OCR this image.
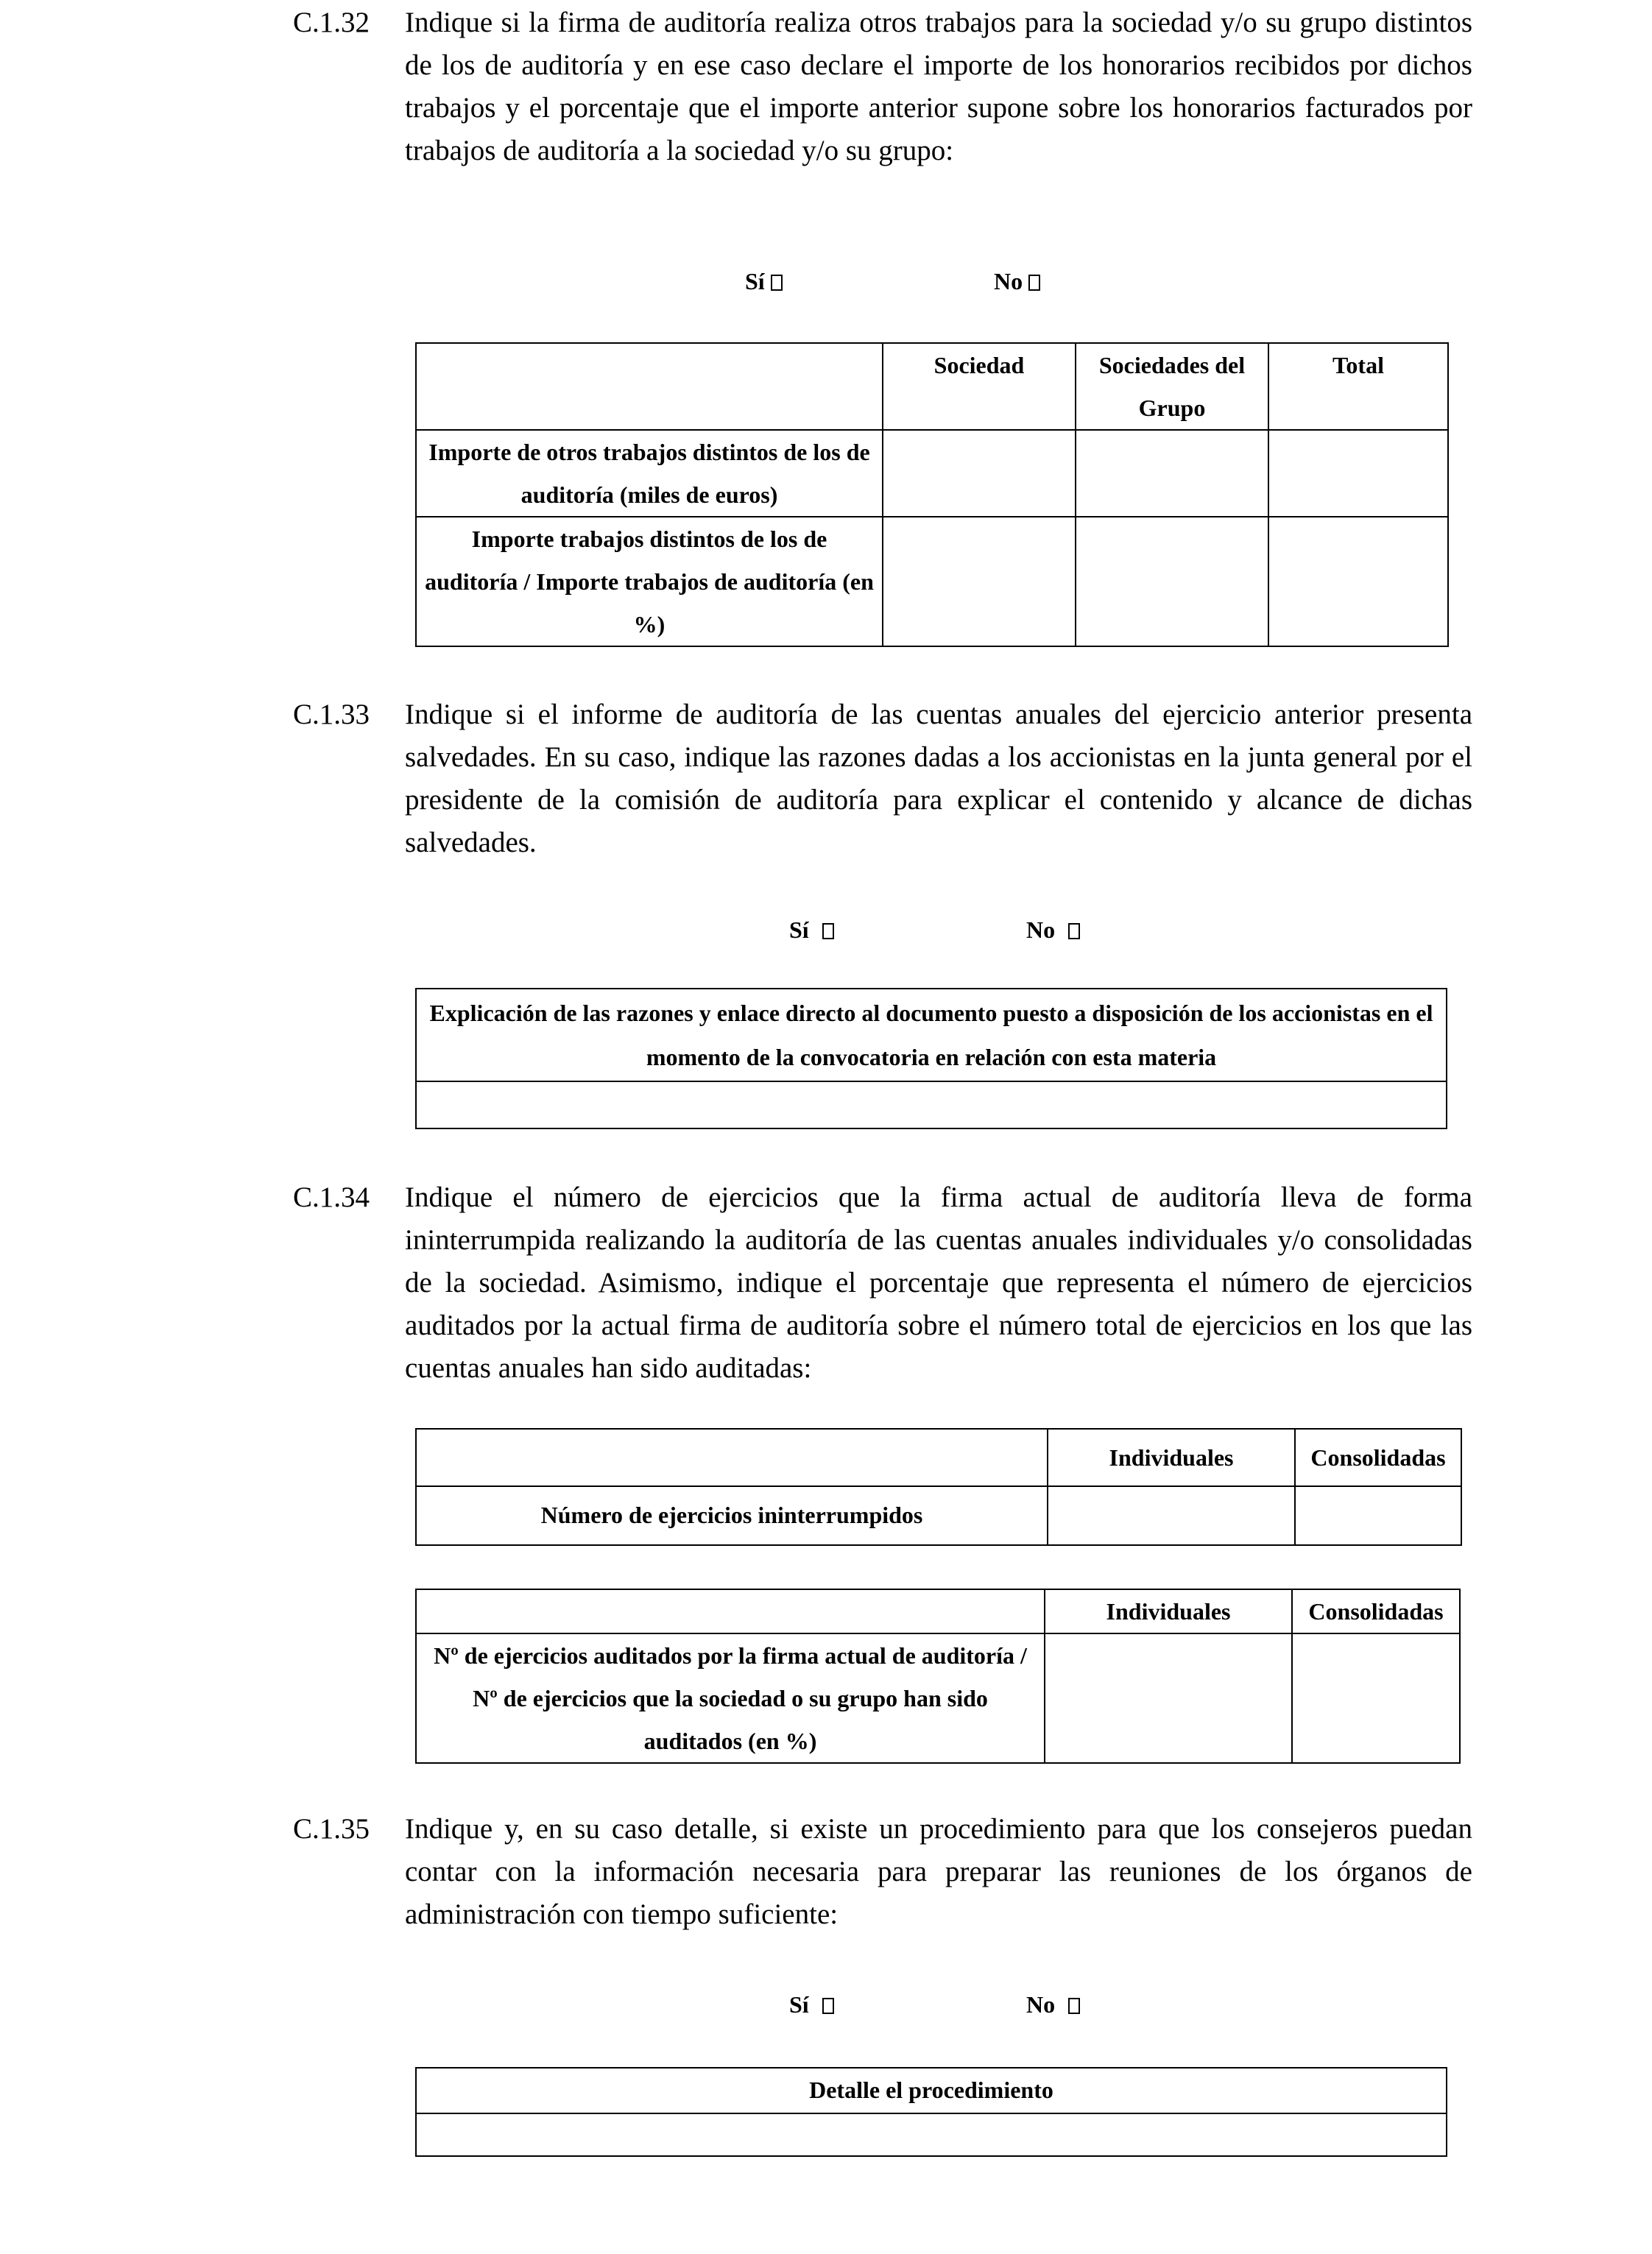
C.1.32	Indique si la firma de auditoría realiza otros trabajos para la sociedad y/o su grupo distintos de los de auditoría y en ese caso declare el importe de los honorarios recibidos por dichos trabajos y el porcentaje que el importe anterior supone sobre los honorarios facturados por trabajos de auditoría a la sociedad y/o su grupo:
Sí	No
	Sociedad	Sociedades del Grupo	Total
Importe de otros trabajos distintos de los de auditoría (miles de euros)			
Importe trabajos distintos de los de auditoría / Importe trabajos de auditoría (en %)			
C.1.33	Indique si el informe de auditoría de las cuentas anuales del ejercicio anterior presenta salvedades. En su caso, indique las razones dadas a los accionistas en la junta general por el presidente de la comisión de auditoría para explicar el contenido y alcance de dichas salvedades.
Sí	No
Explicación de las razones y enlace directo al documento puesto a disposición de los accionistas en el momento de la convocatoria en relación con esta materia

C.1.34	Indique el número de ejercicios que la firma actual de auditoría lleva de forma ininterrumpida realizando la auditoría de las cuentas anuales individuales y/o consolidadas de la sociedad. Asimismo, indique el porcentaje que representa el número de ejercicios auditados por la actual firma de auditoría sobre el número total de ejercicios en los que las cuentas anuales han sido auditadas:
	Individuales	Consolidadas
Número de ejercicios ininterrumpidos		
	Individuales	Consolidadas
Nº de ejercicios auditados por la firma actual de auditoría / Nº de ejercicios que la sociedad o su grupo han sido auditados (en %)		
C.1.35	Indique y, en su caso detalle, si existe un procedimiento para que los consejeros puedan contar con la información necesaria para preparar las reuniones de los órganos de administración con tiempo suficiente:
Sí	No
Detalle el procedimiento
